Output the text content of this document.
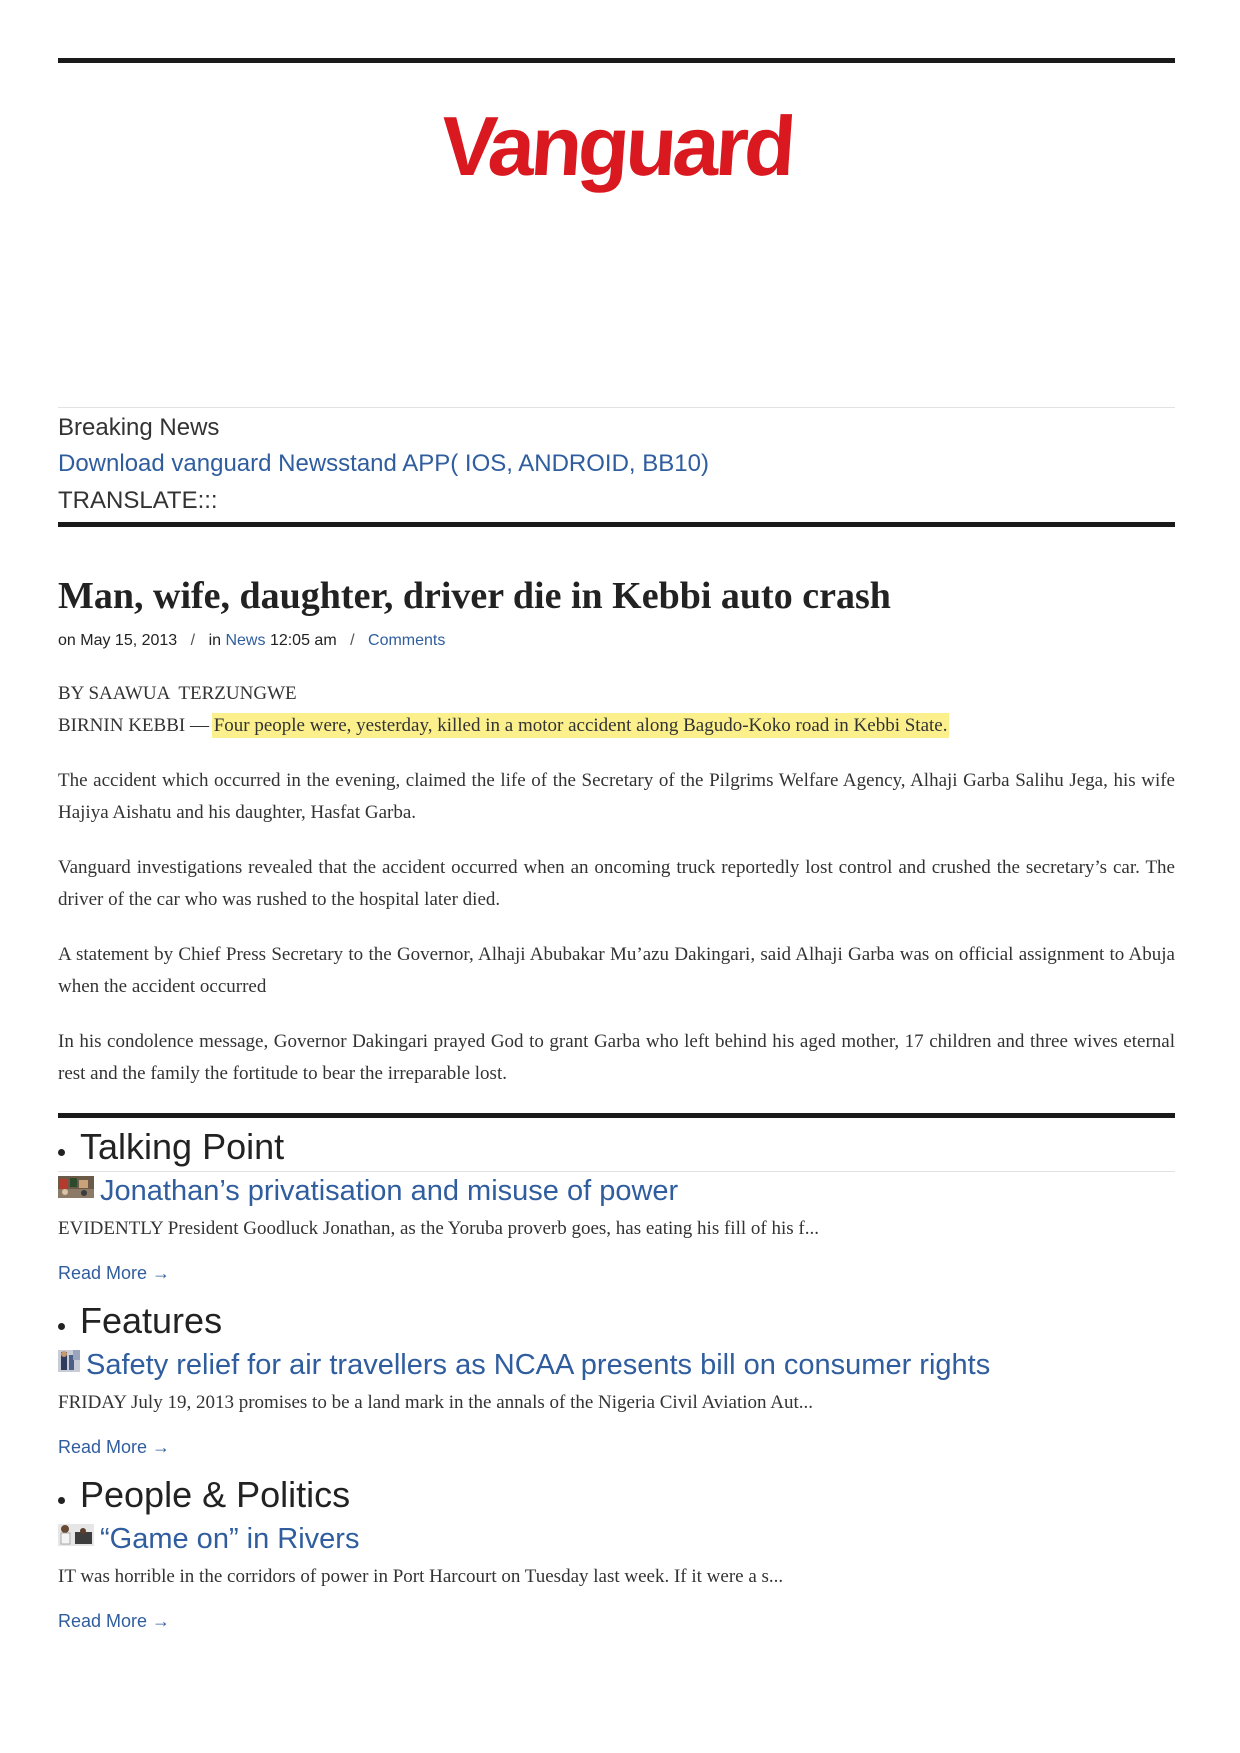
Vanguard
Breaking News
Download vanguard Newsstand APP( IOS, ANDROID, BB10)
TRANSLATE:::
Man, wife, daughter, driver die in Kebbi auto crash
on May 15, 2013 / in News 12:05 am / Comments

BY SAAWUA  TERZUNGWE
BIRNIN KEBBI — Four people were, yesterday, killed in a motor accident along Bagudo-Koko road in Kebbi State.

The accident which occurred in the evening, claimed the life of the Secretary of the Pilgrims Welfare Agency, Alhaji Garba Salihu Jega, his wife Hajiya Aishatu and his daughter, Hasfat Garba.

Vanguard investigations revealed that the accident occurred when an oncoming truck reportedly lost control and crushed the secretary’s car. The driver of the car who was rushed to the hospital later died.

A statement by Chief Press Secretary to the Governor, Alhaji Abubakar Mu’azu Dakingari, said Alhaji Garba was on official assignment to Abuja when the accident occurred

In his condolence message, Governor Dakingari prayed God to grant Garba who left behind his aged mother, 17 children and three wives eternal rest and the family the fortitude to bear the irreparable lost.

Talking Point
Jonathan’s privatisation and misuse of power
EVIDENTLY President Goodluck Jonathan, as the Yoruba proverb goes, has eating his fill of his f...
Read More →
Features
Safety relief for air travellers as NCAA presents bill on consumer rights
FRIDAY July 19, 2013 promises to be a land mark in the annals of the Nigeria Civil Aviation Aut...
Read More →
People & Politics
“Game on” in Rivers
IT was horrible in the corridors of power in Port Harcourt on Tuesday last week. If it were a s...
Read More →
